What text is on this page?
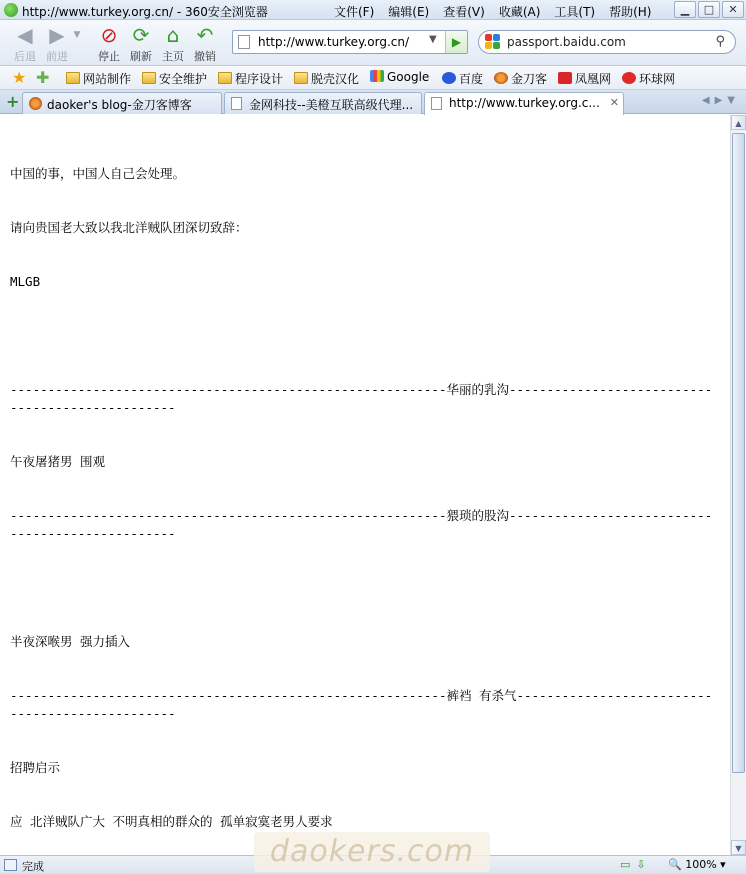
http://www.turkey.org.cn/ - 360安全浏览器	文件(F) 编辑(E) 查看(V) 收藏(A) 工具(T) 帮助(H)	▁	□	✕
◀
后退
▶
前进
▼	⊘
停止
⟳
刷新
⌂
主页
↶
撤销
http://www.turkey.org.cn/ ▼	▶	passport.baidu.com	⚲
★ ✚	网站制作	安全维护	程序设计	脱壳汉化	Google	百度	金刀客	凤凰网	环球网
+	daoker's blog-金刀客博客	金网科技--美橙互联高级代理...	http://www.turkey.org.c... ✕	◀▶▼

中国的事，中国人自己会处理。

请向贵国老大致以我北洋贼队团深切致辞：

MLGB

----------------------------------------------------------华丽的乳沟-------------------------------------------------

午夜屠猪男 围观

----------------------------------------------------------猥琐的股沟-------------------------------------------------

半夜深喉男 强力插入

----------------------------------------------------------裤裆 有杀气------------------------------------------------

招聘启示

应 北洋贼队广大 不明真相的群众的 孤单寂寞老男人要求

▲
▼
完成	▭⇩ 🔍 100% ▾
daokers.com
